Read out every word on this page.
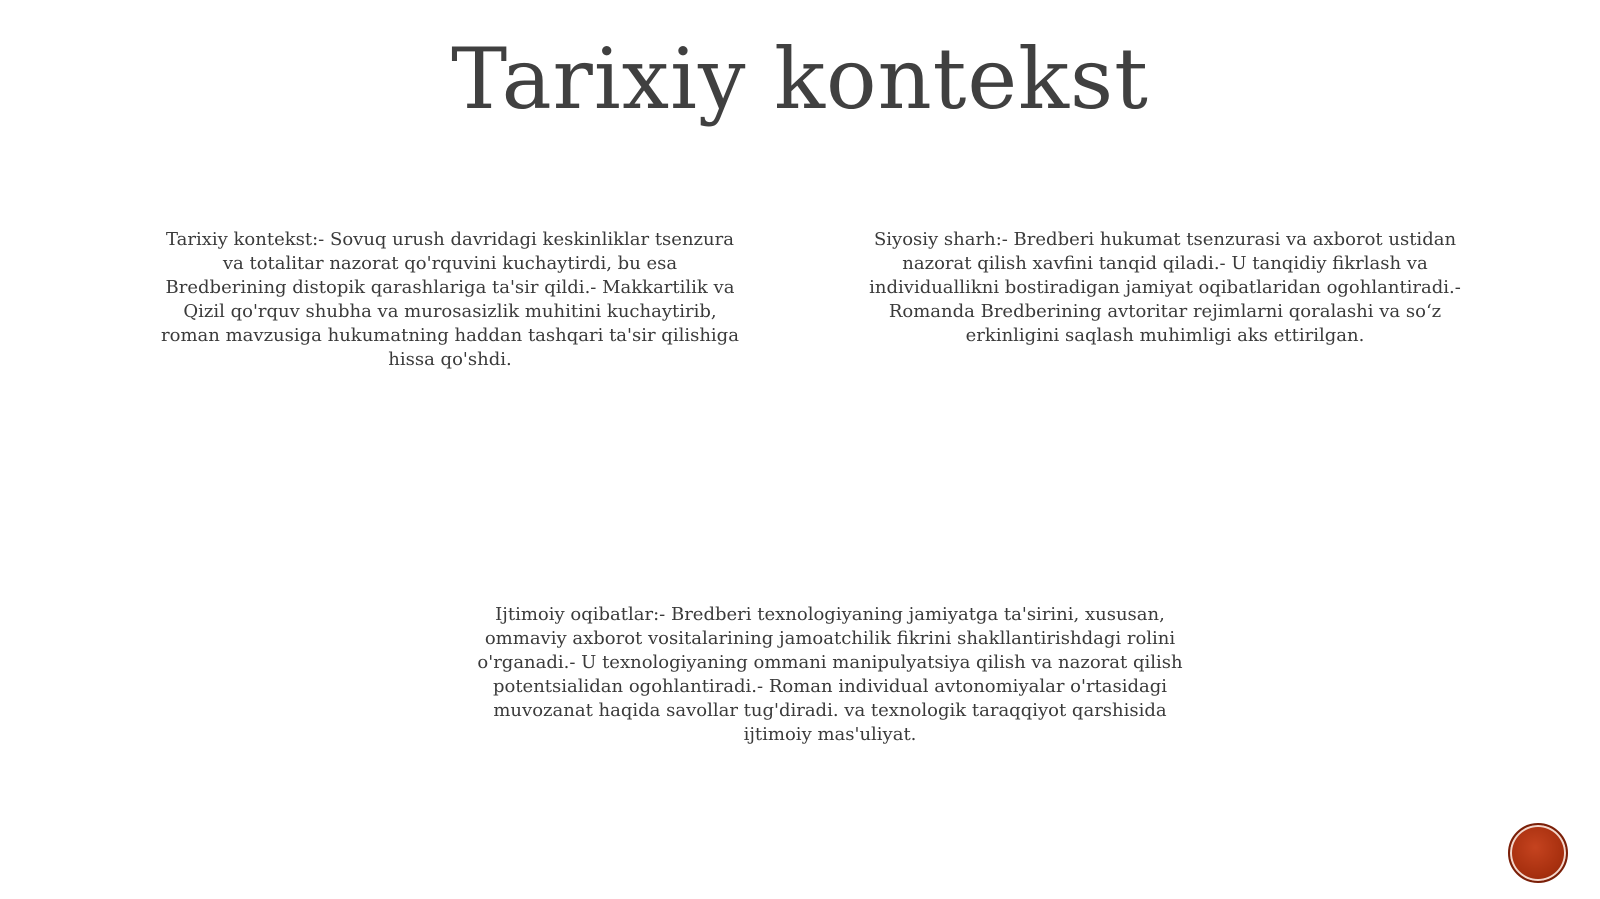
Tarixiy kontekst

Tarixiy kontekst:- Sovuq urush davridagi keskinliklar tsenzura va totalitar nazorat qo'rquvini kuchaytirdi, bu esa Bredberining distopik qarashlariga ta'sir qildi.- Makkartilik va Qizil qo'rquv shubha va murosasizlik muhitini kuchaytirib, roman mavzusiga hukumatning haddan tashqari ta'sir qilishiga hissa qo'shdi.

Siyosiy sharh:- Bredberi hukumat tsenzurasi va axborot ustidan nazorat qilish xavfini tanqid qiladi.- U tanqidiy fikrlash va individuallikni bostiradigan jamiyat oqibatlaridan ogohlantiradi.- Romanda Bredberining avtoritar rejimlarni qoralashi va so‘z erkinligini saqlash muhimligi aks ettirilgan.

Ijtimoiy oqibatlar:- Bredberi texnologiyaning jamiyatga ta'sirini, xususan, ommaviy axborot vositalarining jamoatchilik fikrini shakllantirishdagi rolini o'rganadi.- U texnologiyaning ommani manipulyatsiya qilish va nazorat qilish potentsialidan ogohlantiradi.- Roman individual avtonomiyalar o'rtasidagi muvozanat haqida savollar tug'diradi. va texnologik taraqqiyot qarshisida ijtimoiy mas'uliyat.
